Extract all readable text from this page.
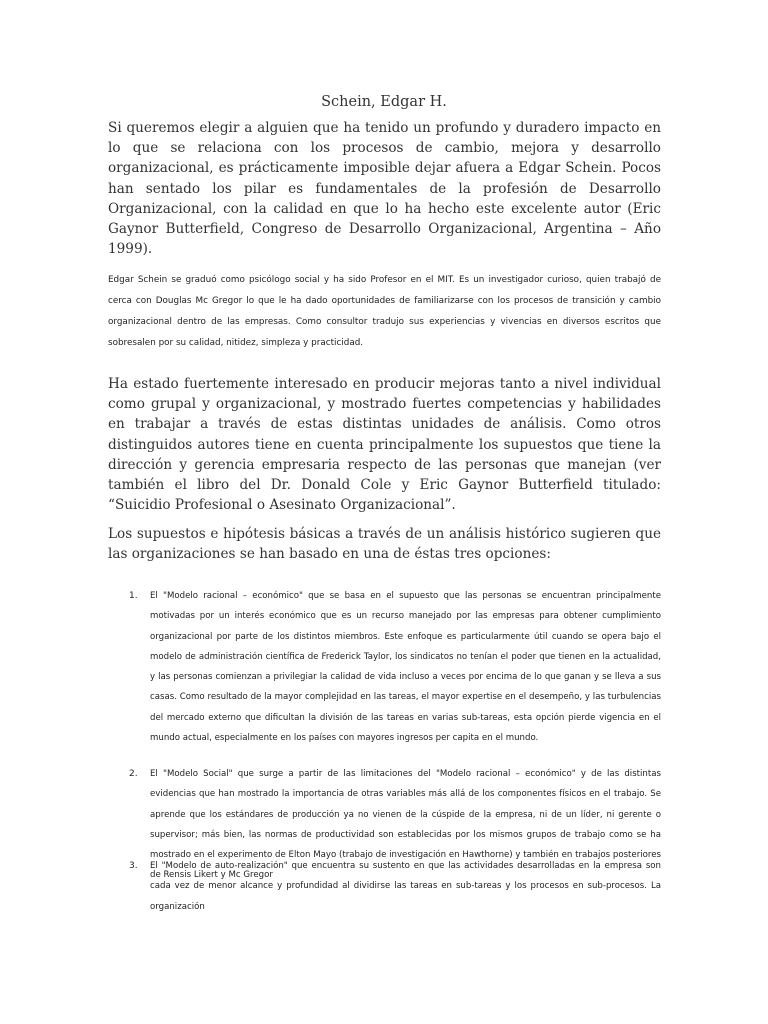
Schein, Edgar H.

Si queremos elegir a alguien que ha tenido un profundo y duradero impacto en lo que se relaciona con los procesos de cambio, mejora y desarrollo organizacional, es prácticamente imposible dejar afuera a Edgar Schein. Pocos han sentado los pilar es fundamentales de la profesión de Desarrollo Organizacional, con la calidad en que lo ha hecho este excelente autor (Eric Gaynor Butterfield, Congreso de Desarrollo Organizacional, Argentina – Año 1999).

Edgar Schein se graduó como psicólogo social y ha sido Profesor en el MIT. Es un investigador curioso, quien trabajó de cerca con Douglas Mc Gregor lo que le ha dado oportunidades de familiarizarse con los procesos de transición y cambio organizacional dentro de las empresas. Como consultor tradujo sus experiencias y vivencias en diversos escritos que sobresalen por su calidad, nitidez, simpleza y practicidad.

Ha estado fuertemente interesado en producir mejoras tanto a nivel individual como grupal y organizacional, y mostrado fuertes competencias y habilidades en trabajar a través de estas distintas unidades de análisis. Como otros distinguidos autores tiene en cuenta principalmente los supuestos que tiene la dirección y gerencia empresaria respecto de las personas que manejan (ver también el libro del Dr. Donald Cole y Eric Gaynor Butterfield titulado: “Suicidio Profesional o Asesinato Organizacional”.

Los supuestos e hipótesis básicas a través de un análisis histórico sugieren que las organizaciones se han basado en una de éstas tres opciones:

1. El "Modelo racional – económico" que se basa en el supuesto que las personas se encuentran principalmente motivadas por un interés económico que es un recurso manejado por las empresas para obtener cumplimiento organizacional por parte de los distintos miembros. Este enfoque es particularmente útil cuando se opera bajo el modelo de administración científica de Frederick Taylor, los sindicatos no tenían el poder que tienen en la actualidad, y las personas comienzan a privilegiar la calidad de vida incluso a veces por encima de lo que ganan y se lleva a sus casas. Como resultado de la mayor complejidad en las tareas, el mayor expertise en el desempeño, y las turbulencias del mercado externo que dificultan la división de las tareas en varias sub-tareas, esta opción pierde vigencia en el mundo actual, especialmente en los países con mayores ingresos per capita en el mundo.

2. El "Modelo Social" que surge a partir de las limitaciones del "Modelo racional – económico" y de las distintas evidencias que han mostrado la importancia de otras variables más allá de los componentes físicos en el trabajo. Se aprende que los estándares de producción ya no vienen de la cúspide de la empresa, ni de un líder, ni gerente o supervisor; más bien, las normas de productividad son establecidas por los mismos grupos de trabajo como se ha mostrado en el experimento de Elton Mayo (trabajo de investigación en Hawthorne) y también en trabajos posteriores de Rensis Likert y Mc Gregor

3. El "Modelo de auto-realización" que encuentra su sustento en que las actividades desarrolladas en la empresa son cada vez de menor alcance y profundidad al dividirse las tareas en sub-tareas y los procesos en sub-procesos. La organización
